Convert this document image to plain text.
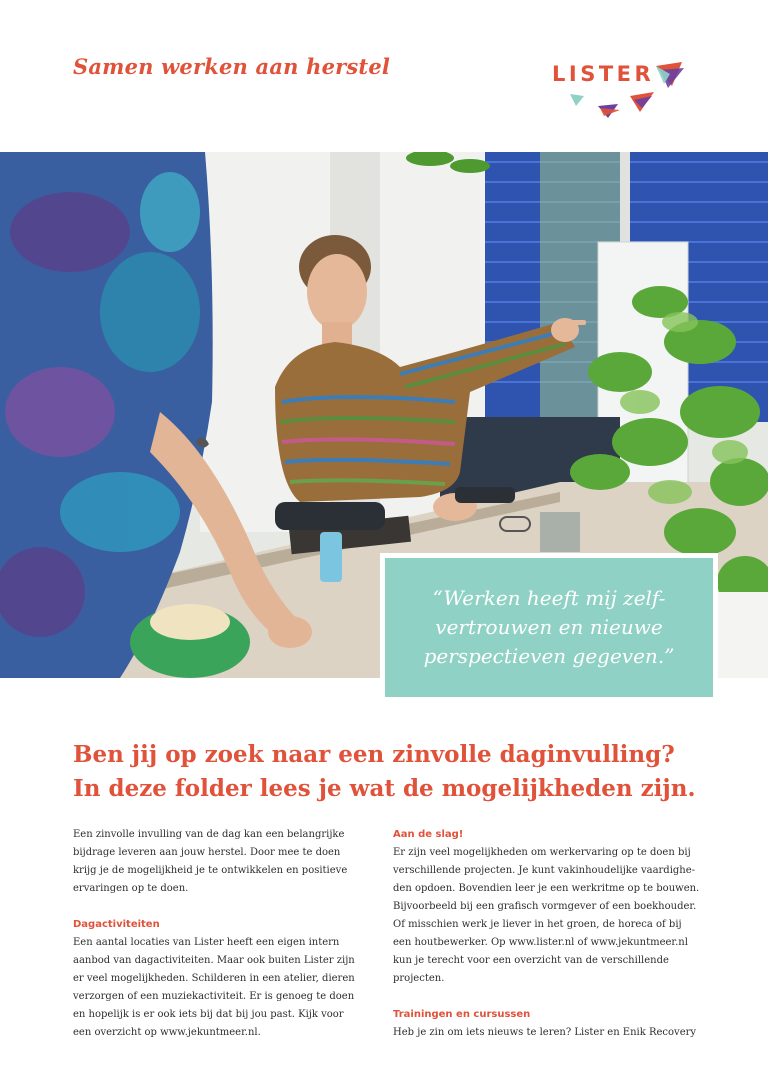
Samen werken aan herstel	LISTER
“Werken heeft mij zelf-
vertrouwen en nieuwe
perspectieven gegeven.”
Ben jij op zoek naar een zinvolle daginvulling?
In deze folder lees je wat de mogelijkheden zijn.

Een zinvolle invulling van de dag kan een belangrijke

bijdrage leveren aan jouw herstel. Door mee te doen

krijg je de mogelijkheid je te ontwikkelen en positieve

ervaringen op te doen.

Dagactiviteiten

Een aantal locaties van Lister heeft een eigen intern

aanbod van dagactiviteiten. Maar ook buiten Lister zijn

er veel mogelijkheden. Schilderen in een atelier, dieren

verzorgen of een muziekactiviteit. Er is genoeg te doen

en hopelijk is er ook iets bij dat bij jou past. Kijk voor

een overzicht op www.jekuntmeer.nl.

Aan de slag!

Er zijn veel mogelijkheden om werkervaring op te doen bij

verschillende projecten. Je kunt vakinhoudelijke vaardighe-

den opdoen. Bovendien leer je een werkritme op te bouwen.

Bijvoorbeeld bij een grafisch vormgever of een boekhouder.

Of misschien werk je liever in het groen, de horeca of bij

een houtbewerker. Op www.lister.nl of www.jekuntmeer.nl

kun je terecht voor een overzicht van de verschillende

projecten.

Trainingen en cursussen

Heb je zin om iets nieuws te leren? Lister en Enik Recovery
